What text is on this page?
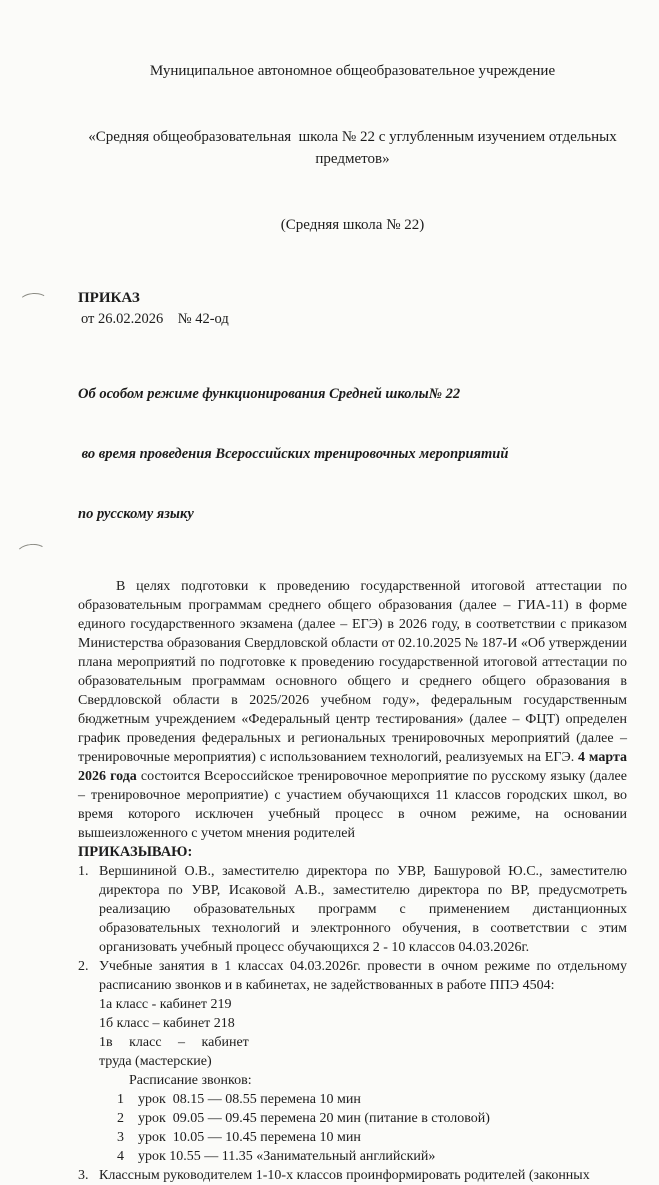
Муниципальное автономное общеобразовательное учреждение

«Средняя общеобразовательная  школа № 22 с углубленным изучением отдельных предметов»

(Средняя школа № 22)

ПРИКАЗ
от 26.02.2026    № 42-од

Об особом режиме функционирования Средней школы№ 22

во время проведения Всероссийских тренировочных мероприятий

по русскому языку

В целях подготовки к проведению государственной итоговой аттестации по образовательным программам среднего общего образования (далее – ГИА-11) в форме единого государственного экзамена (далее – ЕГЭ) в 2026 году, в соответствии с приказом Министерства образования Свердловской области от 02.10.2025 № 187-И «Об утверждении плана мероприятий по подготовке к проведению государственной итоговой аттестации по образовательным программам основного общего и среднего общего образования в Свердловской области в 2025/2026 учебном году», федеральным государственным бюджетным учреждением «Федеральный центр тестирования» (далее – ФЦТ) определен график проведения федеральных и региональных тренировочных мероприятий (далее – тренировочные мероприятия) с использованием технологий, реализуемых на ЕГЭ. 4 марта 2026 года состоится Всероссийское тренировочное мероприятие по русскому языку (далее – тренировочное мероприятие) с участием обучающихся 11 классов городских школ, во время которого исключен учебный процесс в очном режиме, на основании вышеизложенного с учетом мнения родителей

ПРИКАЗЫВАЮ:
1. Вершининой О.В., заместителю директора по УВР, Башуровой Ю.С., заместителю директора по УВР, Исаковой А.В., заместителю директора по ВР, предусмотреть реализацию образовательных программ с применением дистанционных образовательных технологий и электронного обучения, в соответствии с этим организовать учебный процесс обучающихся 2 - 10 классов 04.03.2026г.
2. Учебные занятия в 1 классах 04.03.2026г. провести в очном режиме по отдельному расписанию звонков и в кабинетах, не задействованных в работе ППЭ 4504:
1а класс - кабинет 219
1б класс – кабинет 218
1в класс – кабинет
труда (мастерские)
Расписание звонков:
1 урок  08.15 — 08.55 перемена 10 мин
2 урок  09.05 — 09.45 перемена 20 мин (питание в столовой)
3 урок  10.05 — 10.45 перемена 10 мин
4 урок 10.55 — 11.35 «Занимательный английский»
3. Классным руководителем 1-10-х классов проинформировать родителей (законных
